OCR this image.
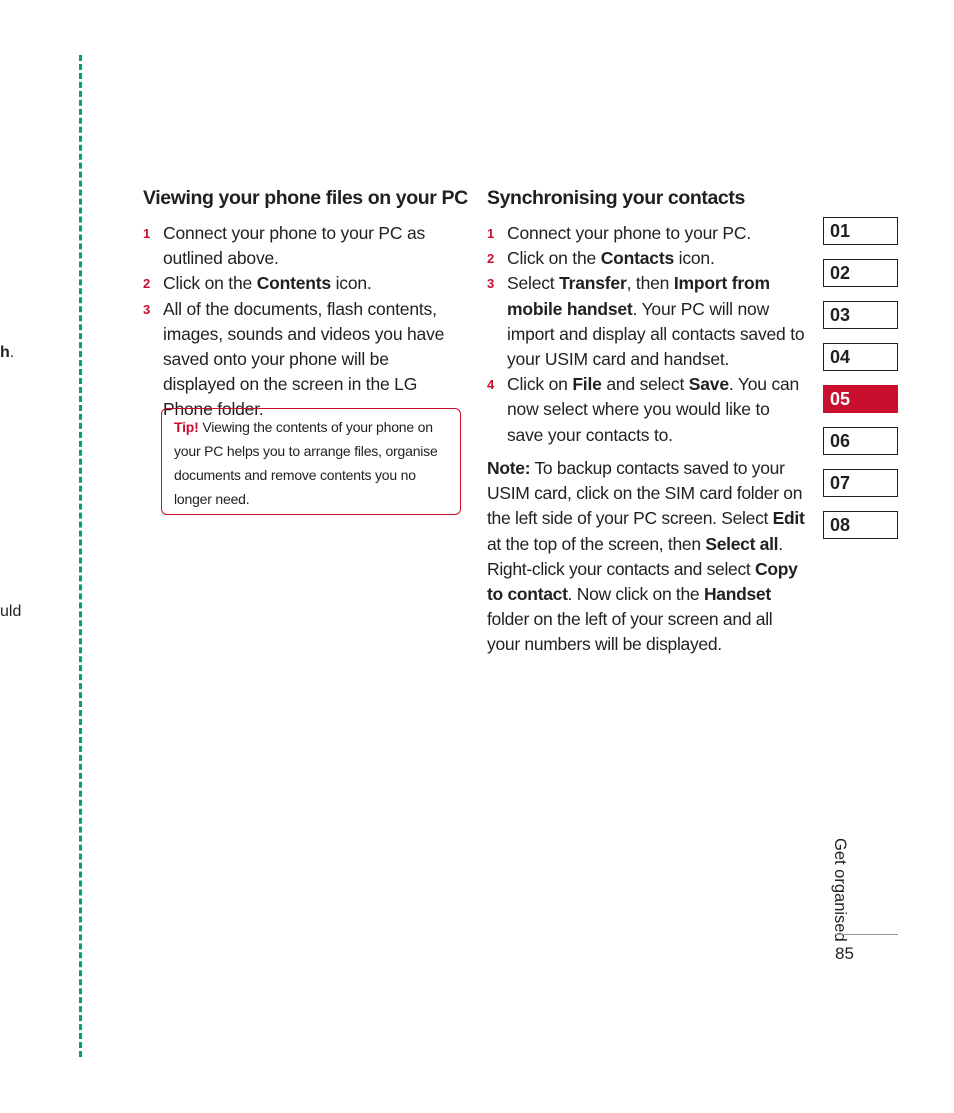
h.
uld
Viewing your phone files on your PC
1 Connect your phone to your PC as outlined above.
2 Click on the Contents icon.
3 All of the documents, flash contents, images, sounds and videos you have saved onto your phone will be displayed on the screen in the LG Phone folder.
Tip! Viewing the contents of your phone on your PC helps you to arrange files, organise documents and remove contents you no longer need.
Synchronising your contacts
1 Connect your phone to your PC.
2 Click on the Contacts icon.
3 Select Transfer, then Import from mobile handset. Your PC will now import and display all contacts saved to your USIM card and handset.
4 Click on File and select Save. You can now select where you would like to save your contacts to.

Note: To backup contacts saved to your USIM card, click on the SIM card folder on the left side of your PC screen. Select Edit at the top of the screen, then Select all. Right-click your contacts and select Copy to contact. Now click on the Handset folder on the left of your screen and all your numbers will be displayed.

01
02
03
04
05
06
07
08
Get organised
85
